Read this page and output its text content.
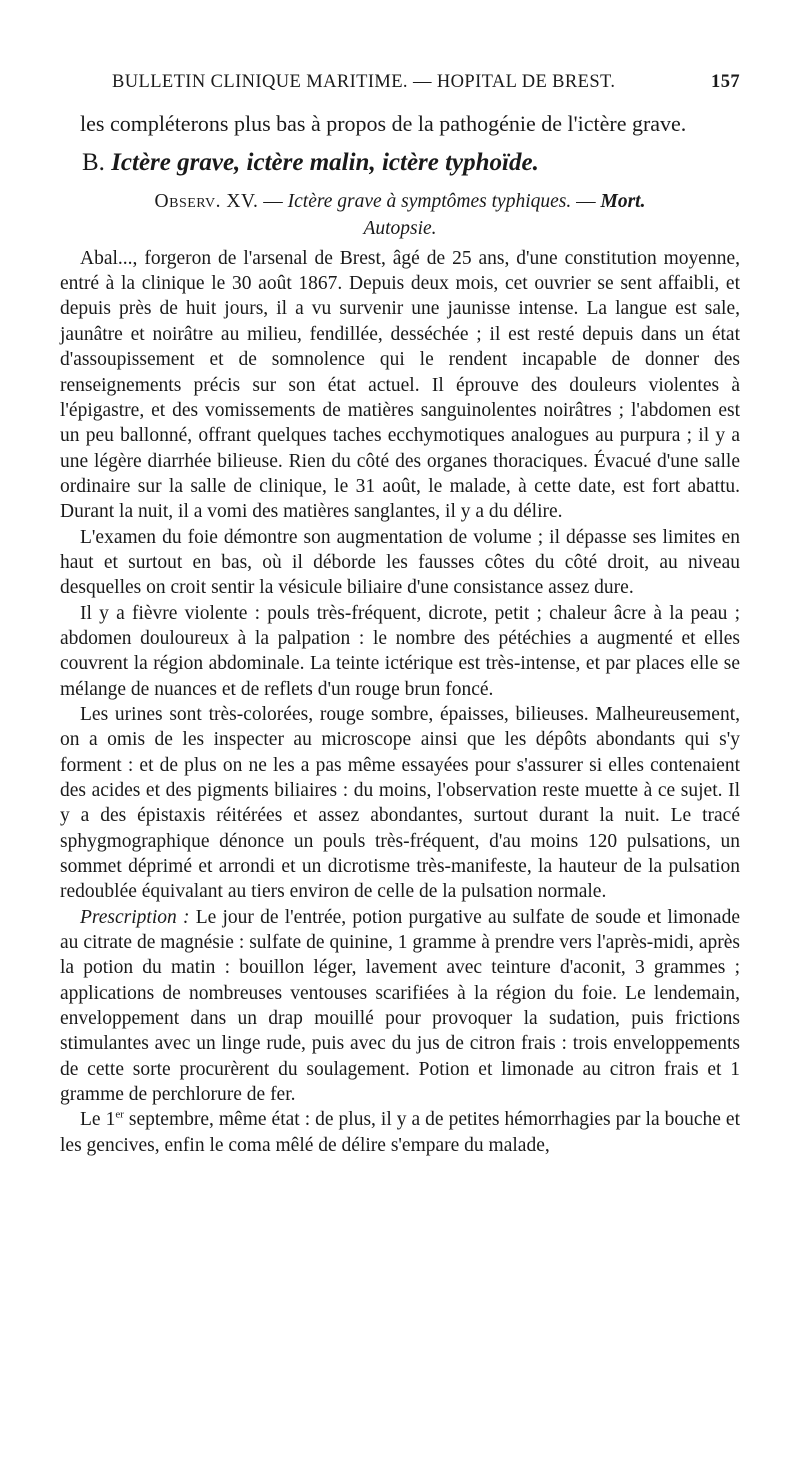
BULLETIN CLINIQUE MARITIME. — HOPITAL DE BREST.	157

les compléterons plus bas à propos de la pathogénie de l'ictère grave.

B. Ictère grave, ictère malin, ictère typhoïde.

Observ. XV. — Ictère grave à symptômes typhiques. — Mort.

Autopsie.

Abal..., forgeron de l'arsenal de Brest, âgé de 25 ans, d'une constitution moyenne, entré à la clinique le 30 août 1867. Depuis deux mois, cet ouvrier se sent affaibli, et depuis près de huit jours, il a vu survenir une jaunisse intense. La langue est sale, jaunâtre et noirâtre au milieu, fendillée, desséchée ; il est resté depuis dans un état d'assoupissement et de somnolence qui le rendent incapable de donner des renseignements précis sur son état actuel. Il éprouve des douleurs violentes à l'épigastre, et des vomissements de matières sanguinolentes noirâtres ; l'abdomen est un peu ballonné, offrant quelques taches ecchymotiques analogues au purpura ; il y a une légère diarrhée bilieuse. Rien du côté des organes thoraciques. Évacué d'une salle ordinaire sur la salle de clinique, le 31 août, le malade, à cette date, est fort abattu. Durant la nuit, il a vomi des matières sanglantes, il y a du délire.

L'examen du foie démontre son augmentation de volume ; il dépasse ses limites en haut et surtout en bas, où il déborde les fausses côtes du côté droit, au niveau desquelles on croit sentir la vésicule biliaire d'une consistance assez dure.

Il y a fièvre violente : pouls très-fréquent, dicrote, petit ; chaleur âcre à la peau ; abdomen douloureux à la palpation : le nombre des pétéchies a augmenté et elles couvrent la région abdominale. La teinte ictérique est très-intense, et par places elle se mélange de nuances et de reflets d'un rouge brun foncé.

Les urines sont très-colorées, rouge sombre, épaisses, bilieuses. Malheureusement, on a omis de les inspecter au microscope ainsi que les dépôts abondants qui s'y forment : et de plus on ne les a pas même essayées pour s'assurer si elles contenaient des acides et des pigments biliaires : du moins, l'observation reste muette à ce sujet. Il y a des épistaxis réitérées et assez abondantes, surtout durant la nuit. Le tracé sphygmographique dénonce un pouls très-fréquent, d'au moins 120 pulsations, un sommet déprimé et arrondi et un dicrotisme très-manifeste, la hauteur de la pulsation redoublée équivalant au tiers environ de celle de la pulsation normale.

Prescription : Le jour de l'entrée, potion purgative au sulfate de soude et limonade au citrate de magnésie : sulfate de quinine, 1 gramme à prendre vers l'après-midi, après la potion du matin : bouillon léger, lavement avec teinture d'aconit, 3 grammes ; applications de nombreuses ventouses scarifiées à la région du foie. Le lendemain, enveloppement dans un drap mouillé pour provoquer la sudation, puis frictions stimulantes avec un linge rude, puis avec du jus de citron frais : trois enveloppements de cette sorte procurèrent du soulagement. Potion et limonade au citron frais et 1 gramme de perchlorure de fer.

Le 1er septembre, même état : de plus, il y a de petites hémorrhagies par la bouche et les gencives, enfin le coma mêlé de délire s'empare du malade,
